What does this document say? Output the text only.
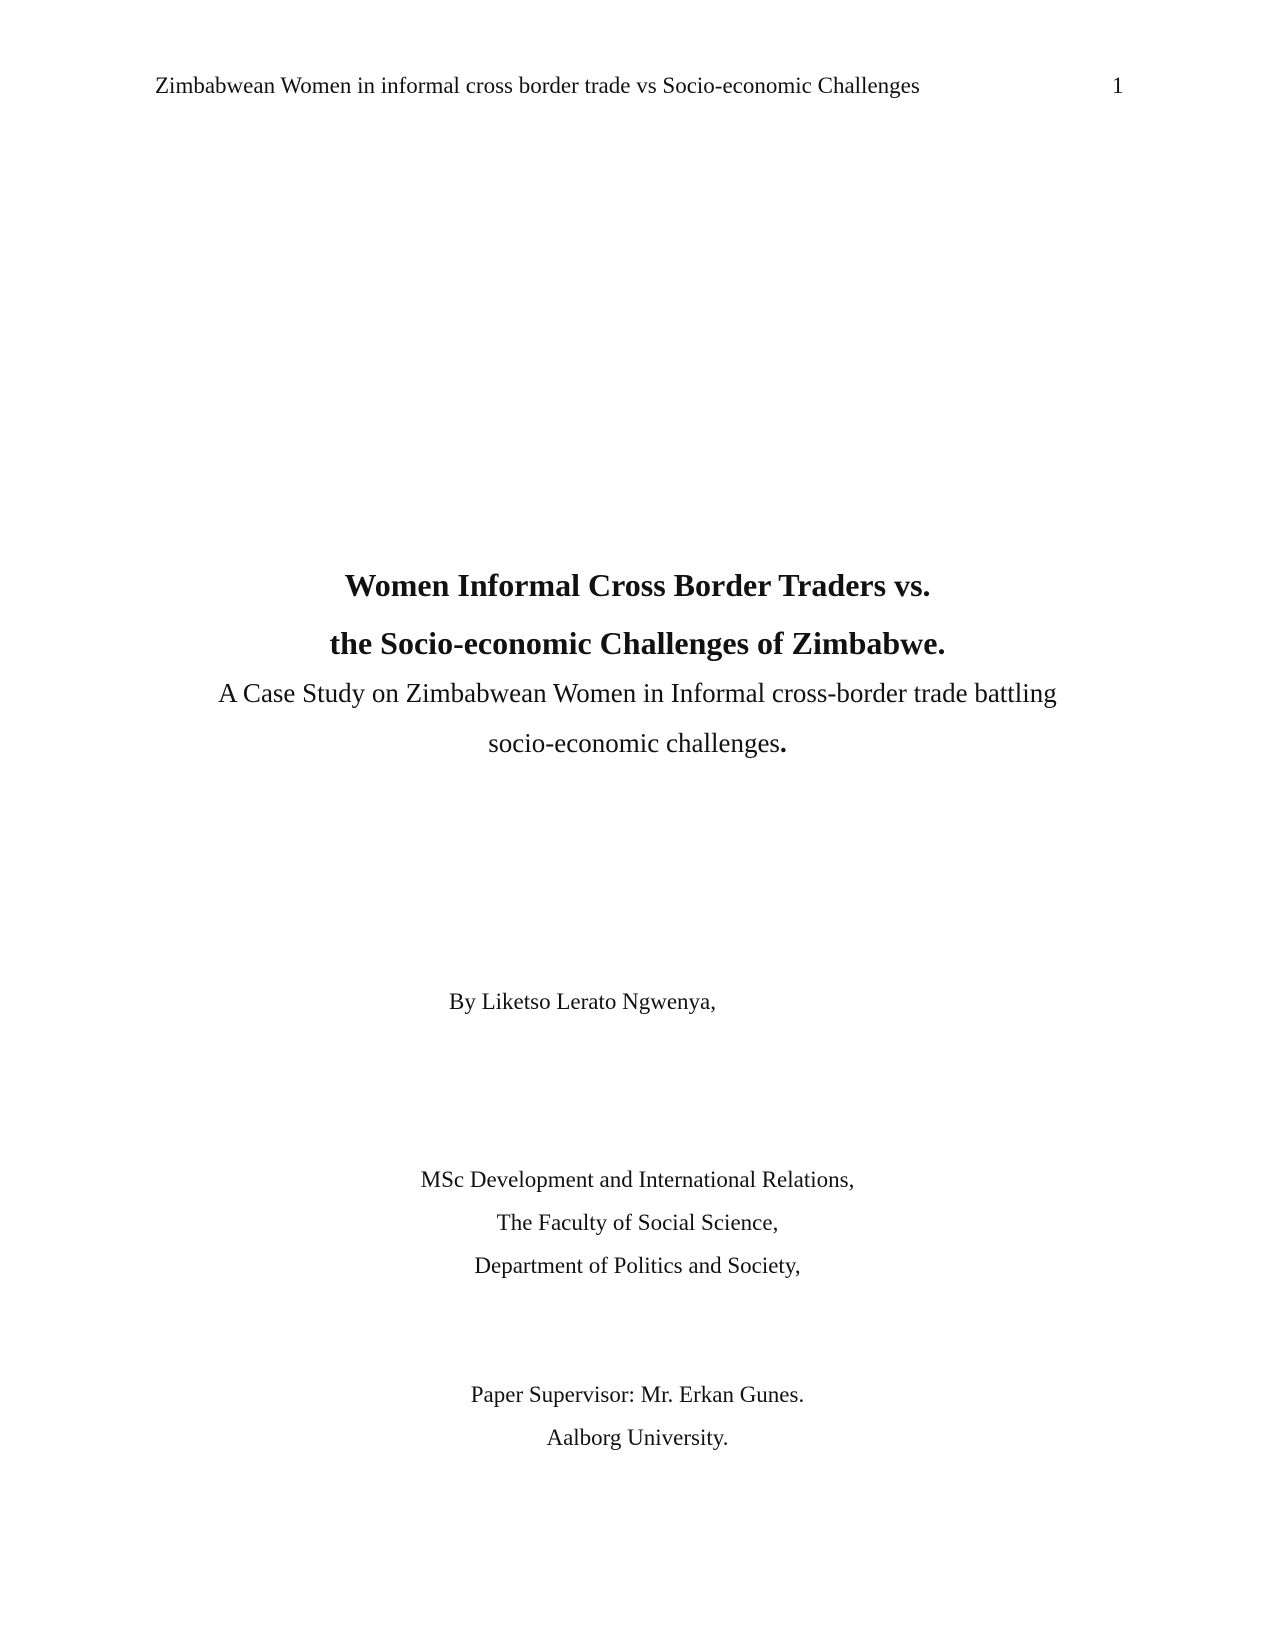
Zimbabwean Women in informal cross border trade vs Socio-economic Challenges	1
Women Informal Cross Border Traders vs.
the Socio-economic Challenges of Zimbabwe.
A Case Study on Zimbabwean Women in Informal cross-border trade battling
socio-economic challenges.
By Liketso Lerato Ngwenya,
MSc Development and International Relations,
The Faculty of Social Science,
Department of Politics and Society,
Paper Supervisor: Mr. Erkan Gunes.
Aalborg University.
